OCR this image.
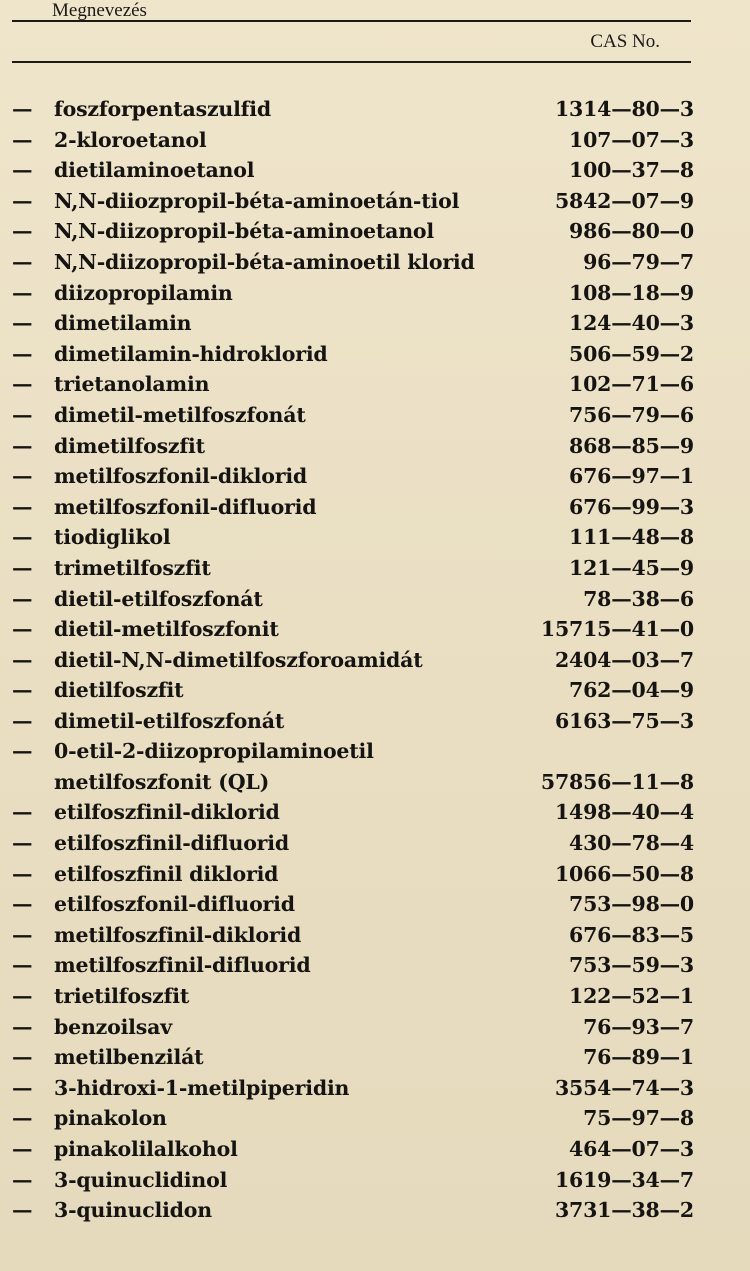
Megnevezés
CAS No.
—	foszforpentaszulfid	1314—80—3
—	2-kloroetanol	107—07—3
—	dietilaminoetanol	100—37—8
—	N,N-diiozpropil-béta-aminoetán-tiol	5842—07—9
—	N,N-diizopropil-béta-aminoetanol	986—80—0
—	N,N-diizopropil-béta-aminoetil klorid	96—79—7
—	diizopropilamin	108—18—9
—	dimetilamin	124—40—3
—	dimetilamin-hidroklorid	506—59—2
—	trietanolamin	102—71—6
—	dimetil-metilfoszfonát	756—79—6
—	dimetilfoszfit	868—85—9
—	metilfoszfonil-diklorid	676—97—1
—	metilfoszfonil-difluorid	676—99—3
—	tiodiglikol	111—48—8
—	trimetilfoszfit	121—45—9
—	dietil-etilfoszfonát	78—38—6
—	dietil-metilfoszfonit	15715—41—0
—	dietil-N,N-dimetilfoszforoamidát	2404—03—7
—	dietilfoszfit	762—04—9
—	dimetil-etilfoszfonát	6163—75—3
—	0-etil-2-diizopropilaminoetil
metilfoszfonit (QL)	57856—11—8
—	etilfoszfinil-diklorid	1498—40—4
—	etilfoszfinil-difluorid	430—78—4
—	etilfoszfinil diklorid	1066—50—8
—	etilfoszfonil-difluorid	753—98—0
—	metilfoszfinil-diklorid	676—83—5
—	metilfoszfinil-difluorid	753—59—3
—	trietilfoszfit	122—52—1
—	benzoilsav	76—93—7
—	metilbenzilát	76—89—1
—	3-hidroxi-1-metilpiperidin	3554—74—3
—	pinakolon	75—97—8
—	pinakolilalkohol	464—07—3
—	3-quinuclidinol	1619—34—7
—	3-quinuclidon	3731—38—2
